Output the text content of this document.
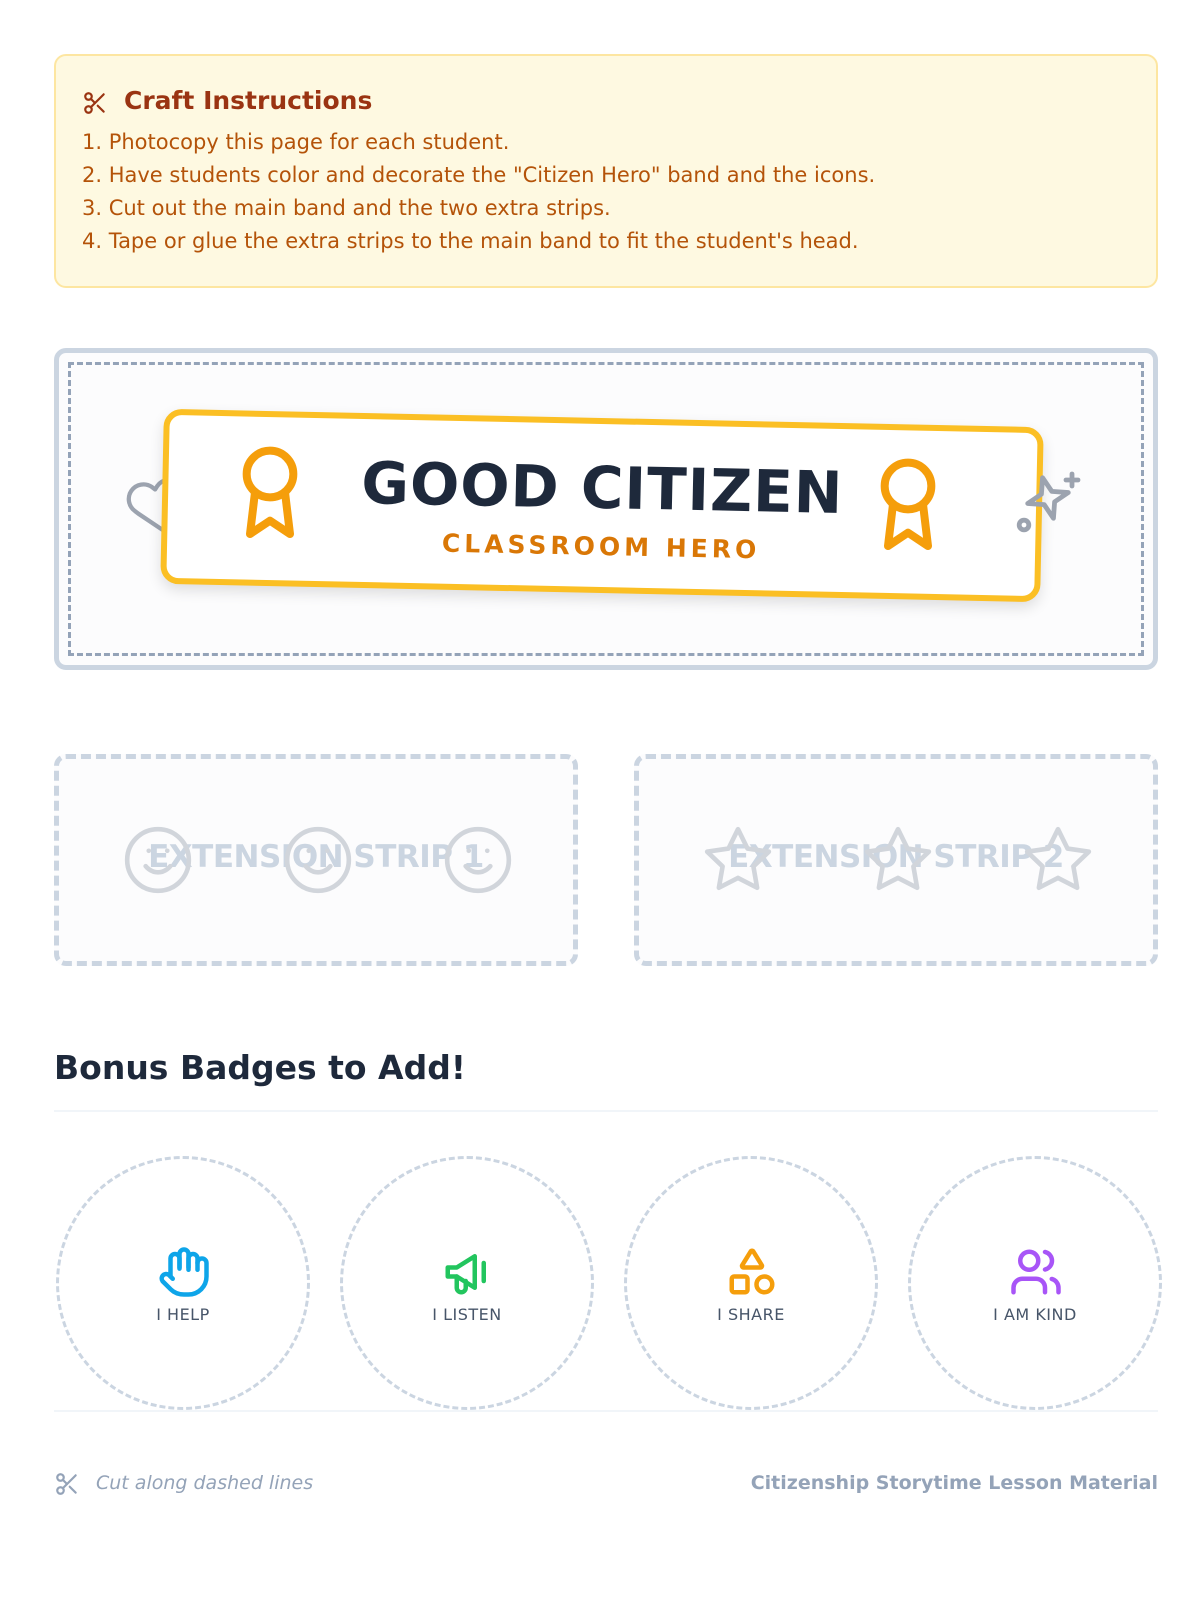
Craft Instructions
1. Photocopy this page for each student.
2. Have students color and decorate the "Citizen Hero" band and the icons.
3. Cut out the main band and the two extra strips.
4. Tape or glue the extra strips to the main band to fit the student's head.
GOOD CITIZEN
CLASSROOM HERO
EXTENSION STRIP 1	EXTENSION STRIP 2
Bonus Badges to Add!
I HELP	I LISTEN	I SHARE	I AM KIND
Cut along dashed lines	Citizenship Storytime Lesson Material
